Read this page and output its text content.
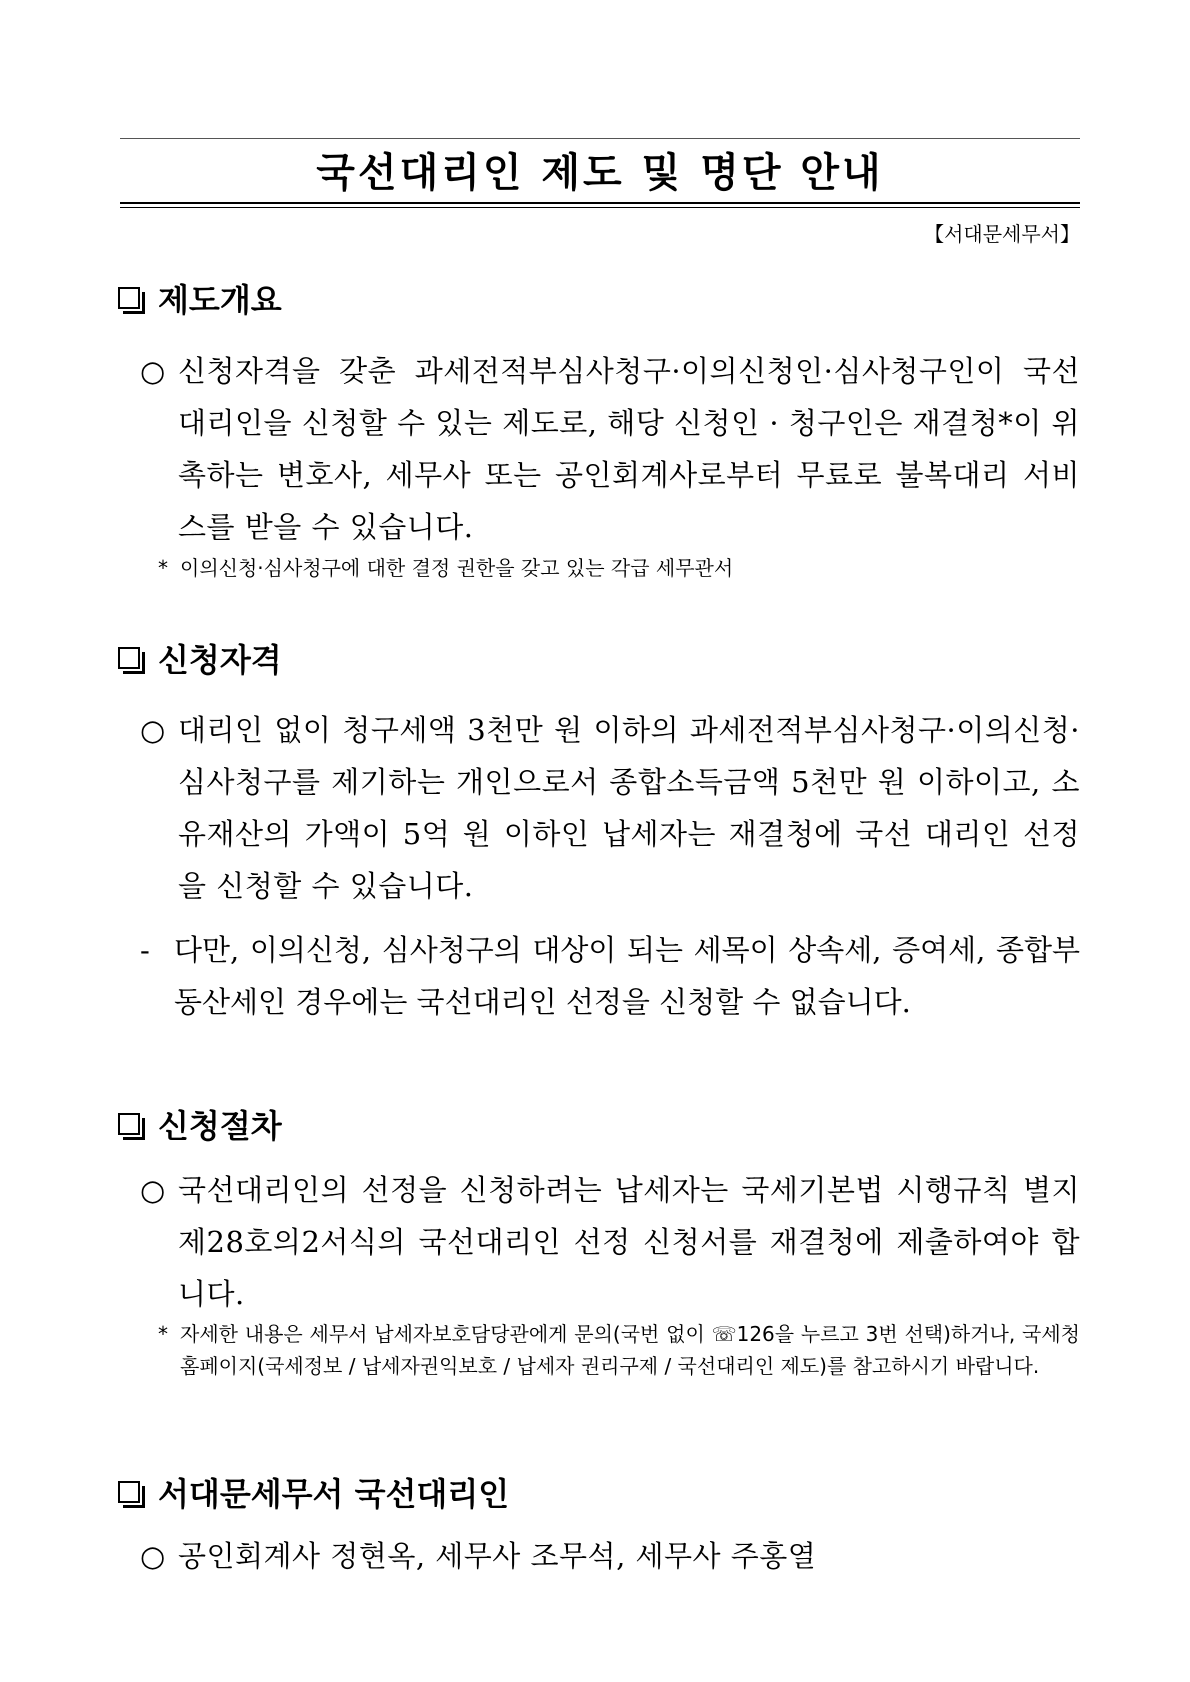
국선대리인 제도 및 명단 안내
【서대문세무서】
제도개요
○ 신청자격을 갖춘 과세전적부심사청구·이의신청인·심사청구인이 국선대리인을 신청할 수 있는 제도로, 해당 신청인 · 청구인은 재결청*이 위촉하는 변호사, 세무사 또는 공인회계사로부터 무료로 불복대리 서비스를 받을 수 있습니다.
* 이의신청·심사청구에 대한 결정 권한을 갖고 있는 각급 세무관서
신청자격
○ 대리인 없이 청구세액 3천만 원 이하의 과세전적부심사청구·이의신청·심사청구를 제기하는 개인으로서 종합소득금액 5천만 원 이하이고, 소유재산의 가액이 5억 원 이하인 납세자는 재결청에 국선 대리인 선정을 신청할 수 있습니다.
- 다만, 이의신청, 심사청구의 대상이 되는 세목이 상속세, 증여세, 종합부동산세인 경우에는 국선대리인 선정을 신청할 수 없습니다.
신청절차
○ 국선대리인의 선정을 신청하려는 납세자는 국세기본법 시행규칙 별지 제28호의2서식의 국선대리인 선정 신청서를 재결청에 제출하여야 합니다.
* 자세한 내용은 세무서 납세자보호담당관에게 문의(국번 없이 ☏126을 누르고 3번 선택)하거나, 국세청 홈페이지(국세정보 / 납세자권익보호 / 납세자 권리구제 / 국선대리인 제도)를 참고하시기 바랍니다.
서대문세무서 국선대리인
○ 공인회계사 정현옥, 세무사 조무석, 세무사 주홍열
